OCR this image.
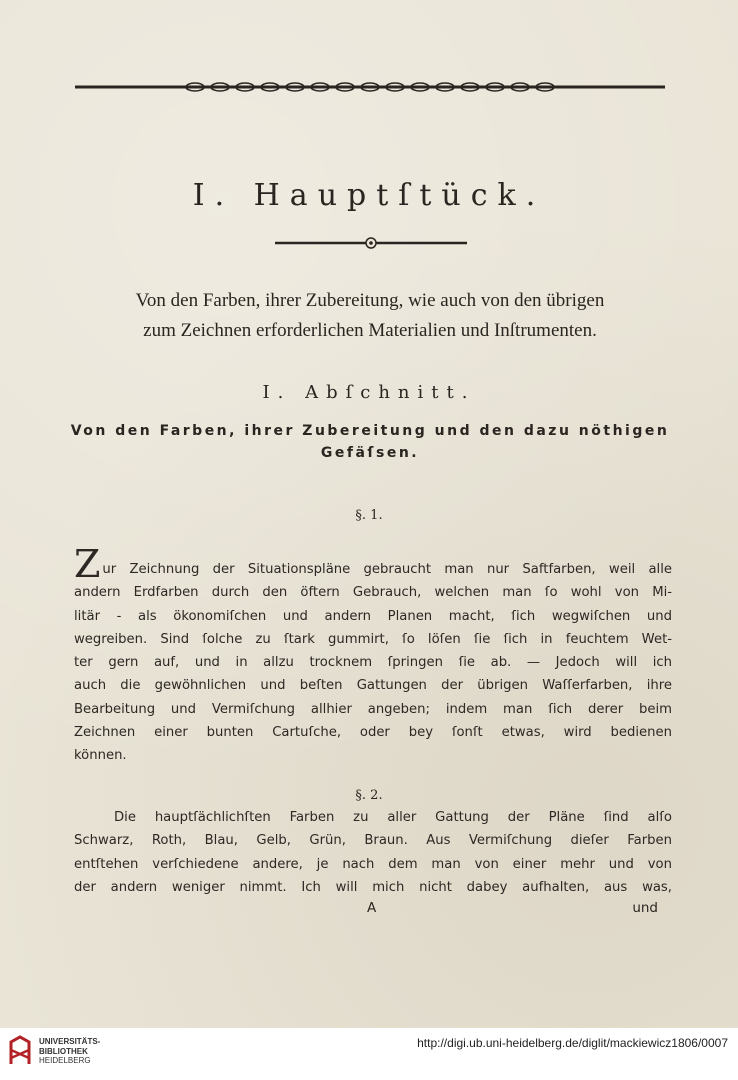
I. Hauptſtück.
Von den Farben, ihrer Zubereitung, wie auch von den übrigen
zum Zeichnen erforderlichen Materialien und Inſtrumenten.
I. Abſchnitt.
Von den Farben, ihrer Zubereitung und den dazu nöthigen
Gefäſsen.
§. 1.
Zur Zeichnung der Situationspläne gebraucht man nur Saftfarben, weil alle
andern Erdfarben durch den öftern Gebrauch, welchen man ſo wohl von Mi-
litär - als ökonomiſchen und andern Planen macht, ſich wegwiſchen und
wegreiben. Sind ſolche zu ſtark gummirt, ſo löſen ſie ſich in feuchtem Wet-
ter gern auf, und in allzu trocknem ſpringen ſie ab. — Jedoch will ich
auch die gewöhnlichen und beſten Gattungen der übrigen Waſſerfarben, ihre
Bearbeitung und Vermiſchung allhier angeben; indem man ſich derer beim
Zeichnen einer bunten Cartuſche, oder bey ſonſt etwas, wird bedienen
können.
§. 2.
Die hauptſächlichſten Farben zu aller Gattung der Pläne ſind alſo
Schwarz, Roth, Blau, Gelb, Grün, Braun. Aus Vermiſchung dieſer Farben
entſtehen verſchiedene andere, je nach dem man von einer mehr und von
der andern weniger nimmt. Ich will mich nicht dabey aufhalten, aus was,
A	und
UNIVERSITÄTS-
BIBLIOTHEK
HEIDELBERG
http://digi.ub.uni-heidelberg.de/diglit/mackiewicz1806/0007
